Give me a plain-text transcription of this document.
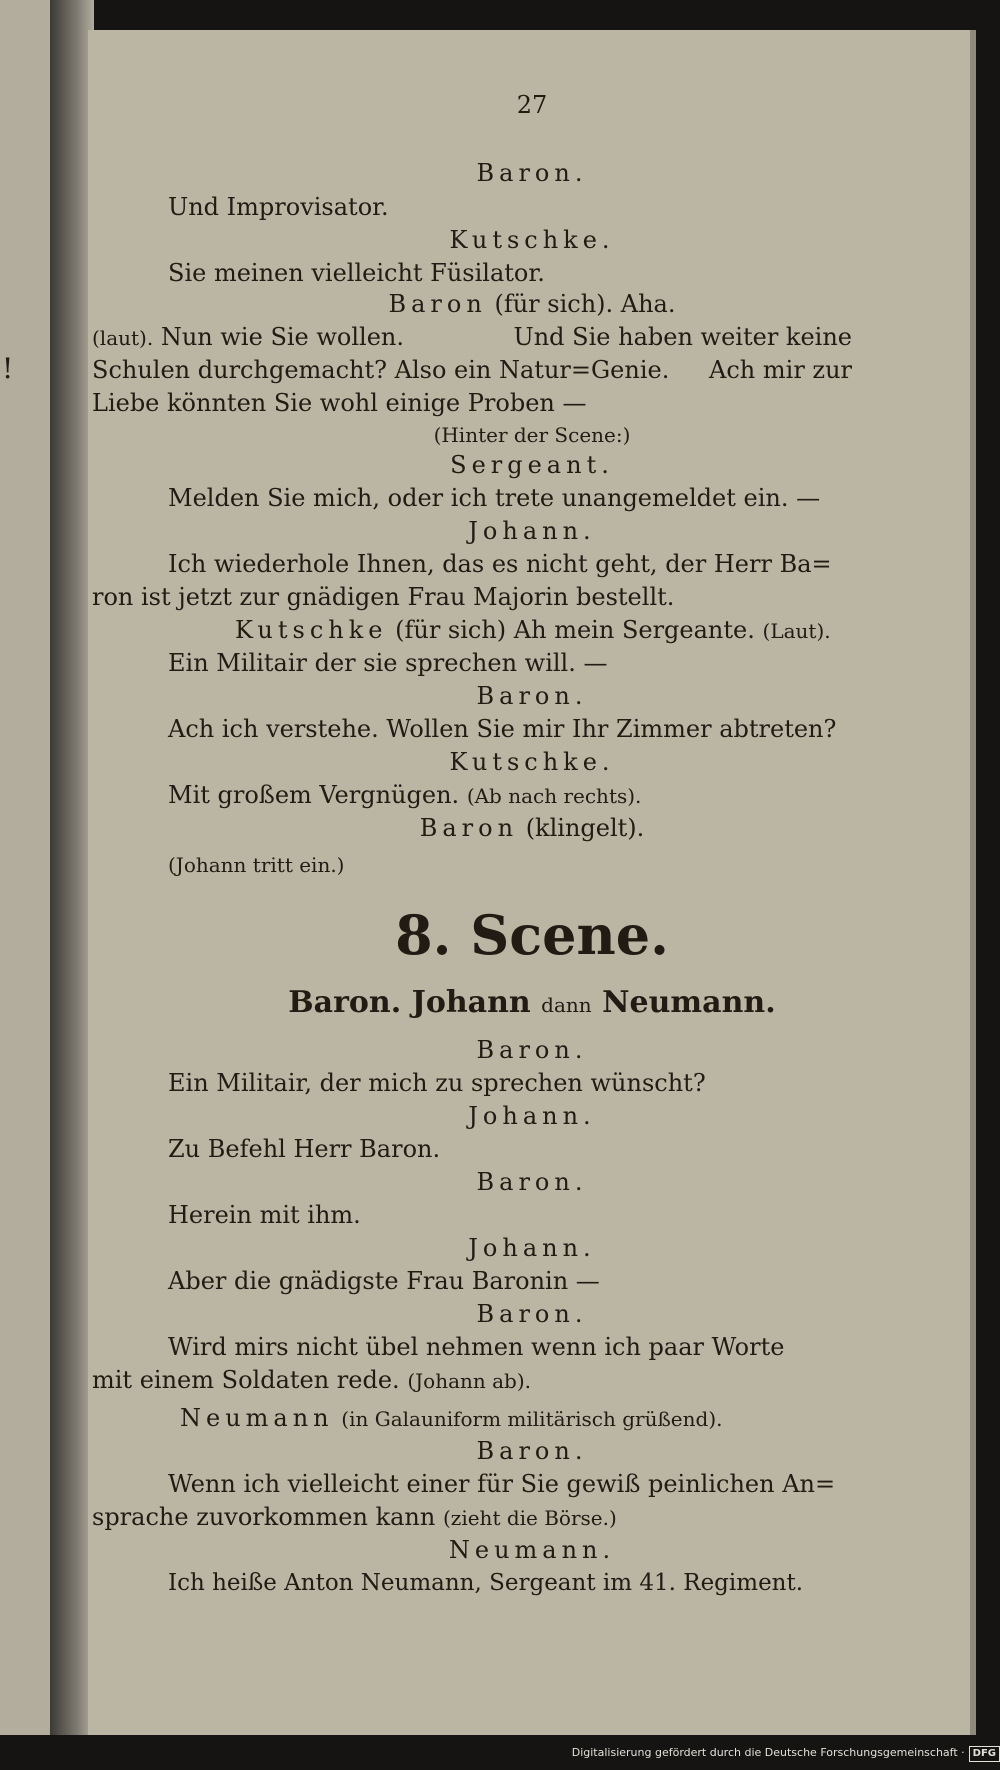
!
27
Baron.
Und Improvisator.
Kutschke.
Sie meinen vielleicht Füsilator.
Baron (für sich). Aha.
(laut). Nun wie Sie wollen.	Und Sie haben weiter keine
Schulen durchgemacht? Also ein Natur=Genie. Ach mir zur
Liebe könnten Sie wohl einige Proben —
(Hinter der Scene:)
Sergeant.
Melden Sie mich, oder ich trete unangemeldet ein. —
Johann.
Ich wiederhole Ihnen, das es nicht geht, der Herr Ba=
ron ist jetzt zur gnädigen Frau Majorin bestellt.
Kutschke (für sich) Ah mein Sergeante. (Laut).
Ein Militair der sie sprechen will. —
Baron.
Ach ich verstehe. Wollen Sie mir Ihr Zimmer abtreten?
Kutschke.
Mit großem Vergnügen. (Ab nach rechts).
Baron (klingelt).
(Johann tritt ein.)
8. Scene.
Baron. Johann dann Neumann.
Baron.
Ein Militair, der mich zu sprechen wünscht?
Johann.
Zu Befehl Herr Baron.
Baron.
Herein mit ihm.
Johann.
Aber die gnädigste Frau Baronin —
Baron.
Wird mirs nicht übel nehmen wenn ich paar Worte
mit einem Soldaten rede. (Johann ab).
Neumann (in Galauniform militärisch grüßend).
Baron.
Wenn ich vielleicht einer für Sie gewiß peinlichen An=
sprache zuvorkommen kann (zieht die Börse.)
Neumann.
Ich heiße Anton Neumann, Sergeant im 41. Regiment.
Digitalisierung gefördert durch die Deutsche Forschungsgemeinschaft · DFG
